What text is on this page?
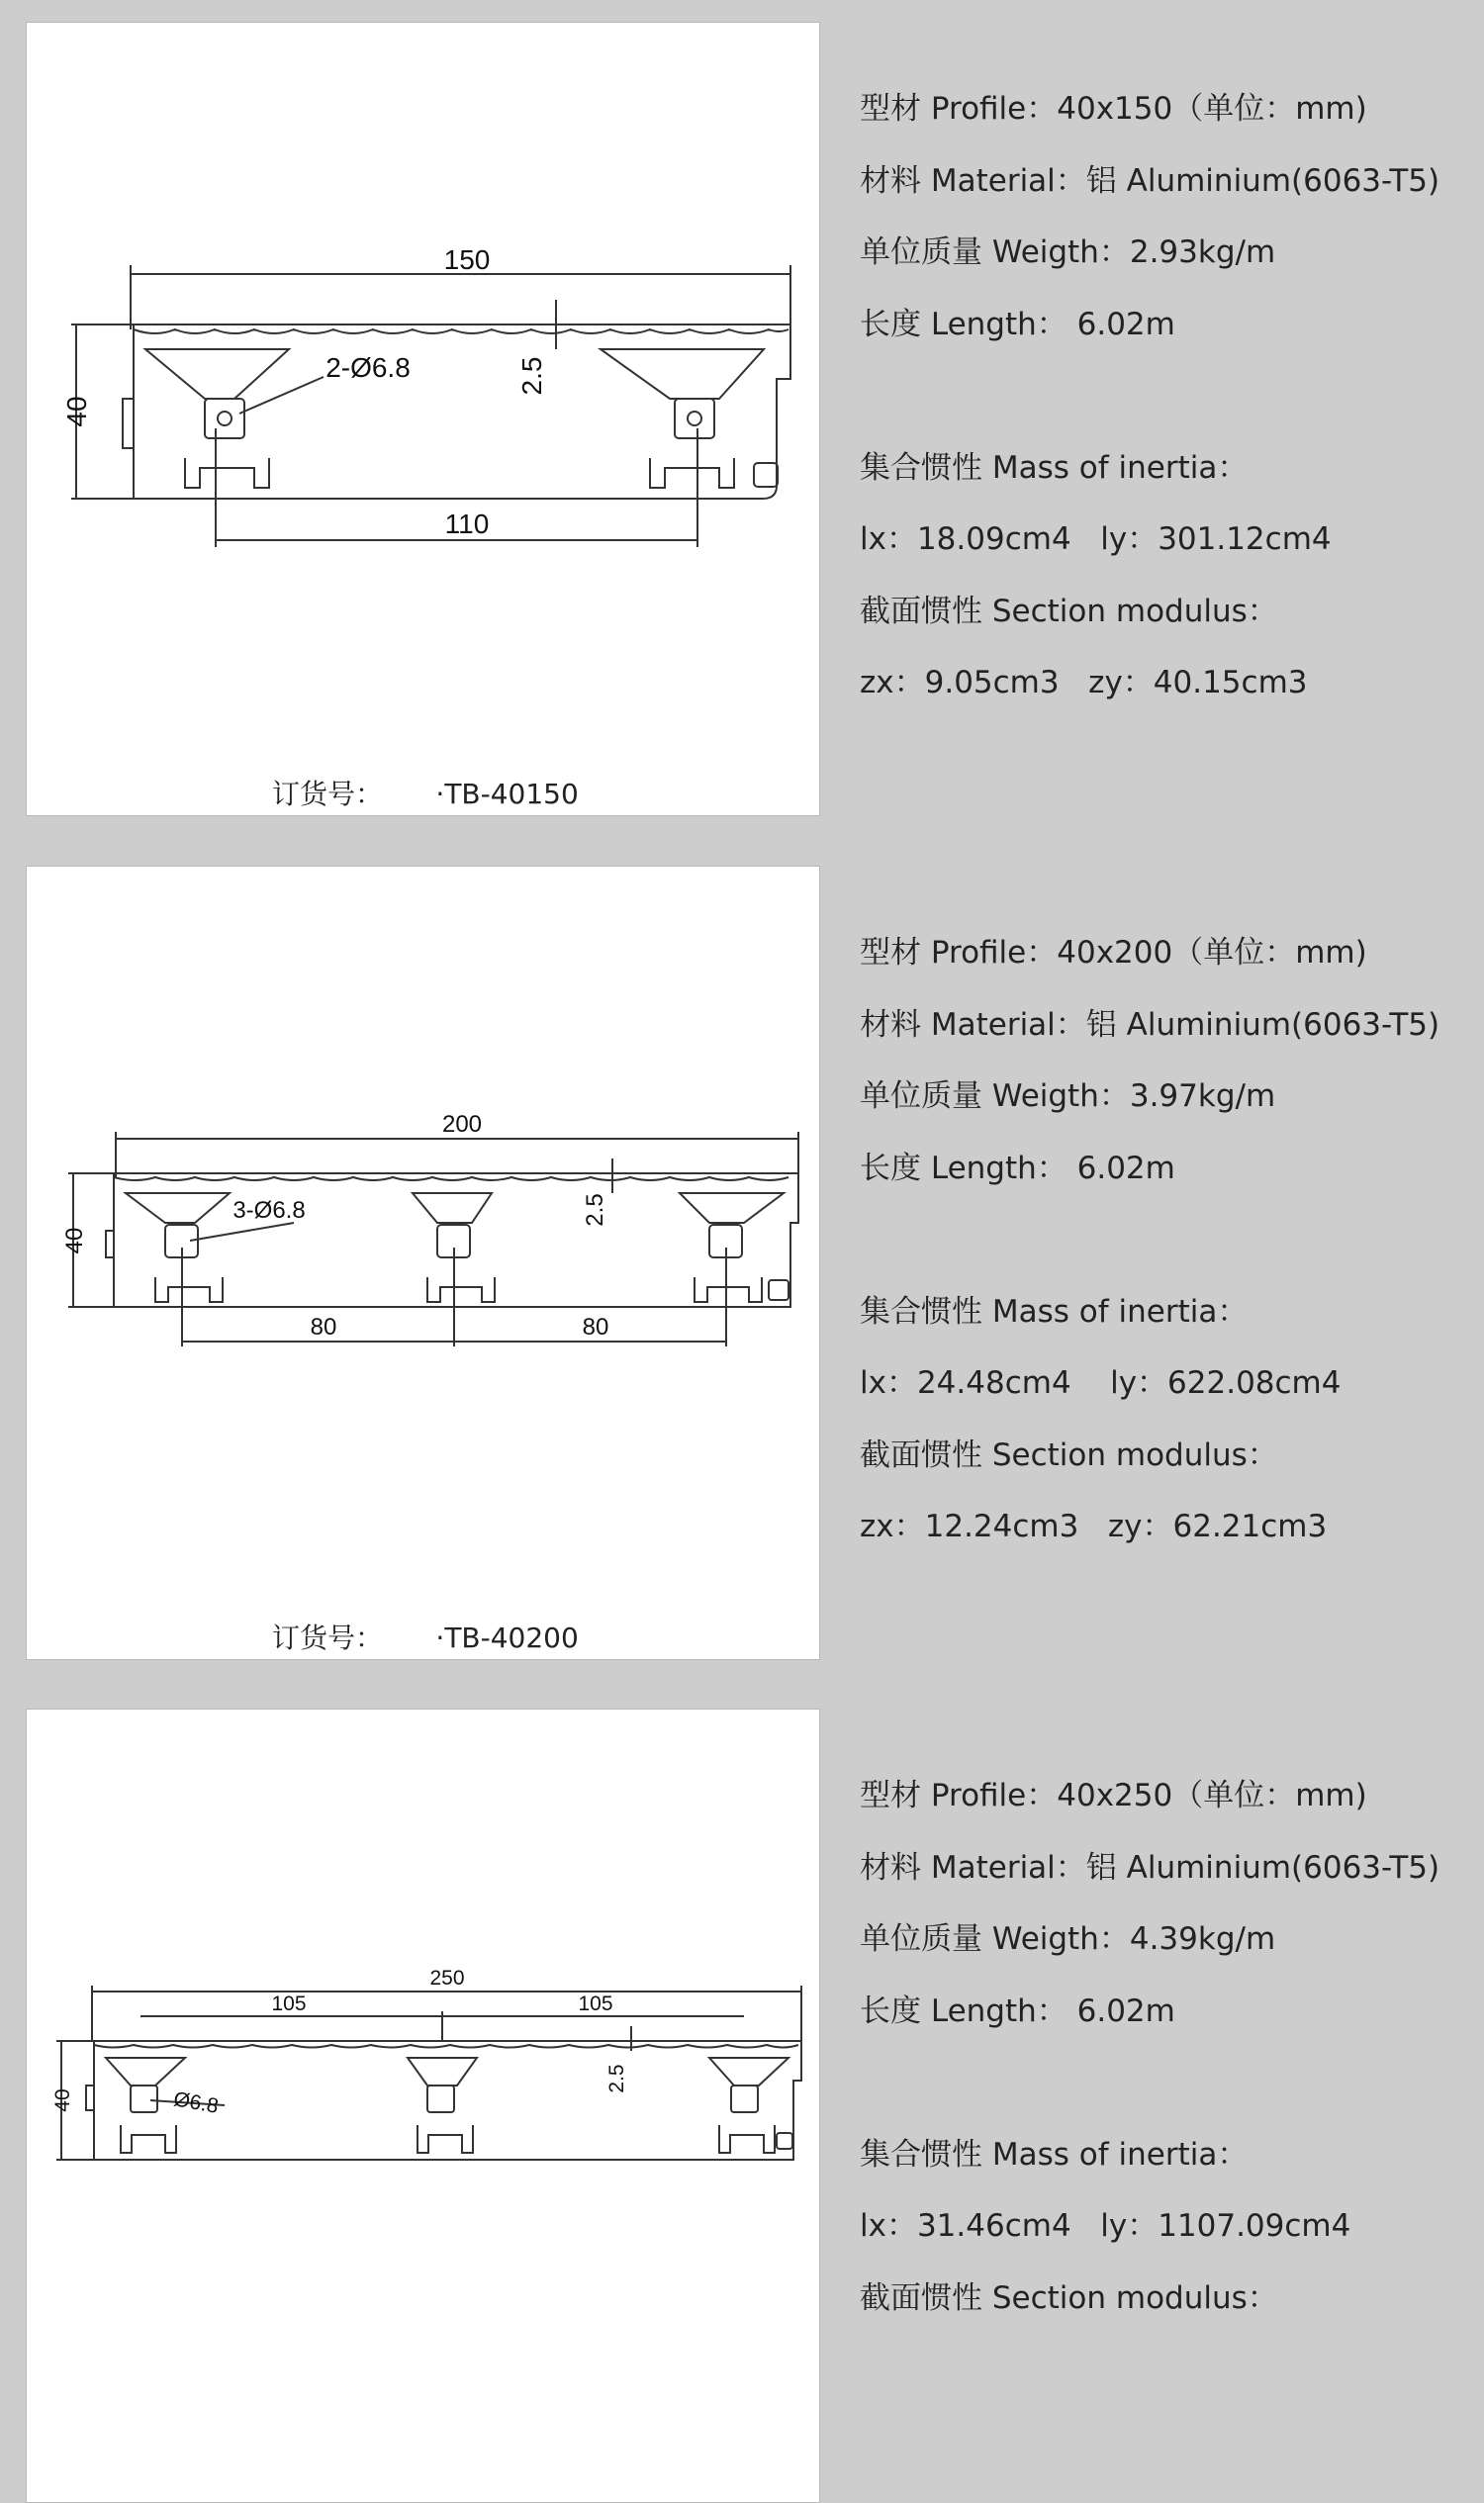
150
40
2-Ø6.8	2.5
110
订货号： ·TB-40150
型材 Profile：40x150（单位：mm)
材料 Material：铝 Aluminium(6063-T5)
单位质量 Weigth：2.93kg/m
长度 Length： 6.02m
集合惯性 Mass of inertia：
lx：18.09cm4   ly：301.12cm4
截面惯性 Section modulus：
zx：9.05cm3   zy：40.15cm3
200
40
3-Ø6.8	2.5
80	80
订货号： ·TB-40200
型材 Profile：40x200（单位：mm)
材料 Material：铝 Aluminium(6063-T5)
单位质量 Weigth：3.97kg/m
长度 Length： 6.02m
集合惯性 Mass of inertia：
lx：24.48cm4    ly：622.08cm4
截面惯性 Section modulus：
zx：12.24cm3   zy：62.21cm3
250
105	105
40	Ø6.8
2.5
型材 Profile：40x250（单位：mm)
材料 Material：铝 Aluminium(6063-T5)
单位质量 Weigth：4.39kg/m
长度 Length： 6.02m
集合惯性 Mass of inertia：
lx：31.46cm4   ly：1107.09cm4
截面惯性 Section modulus：
